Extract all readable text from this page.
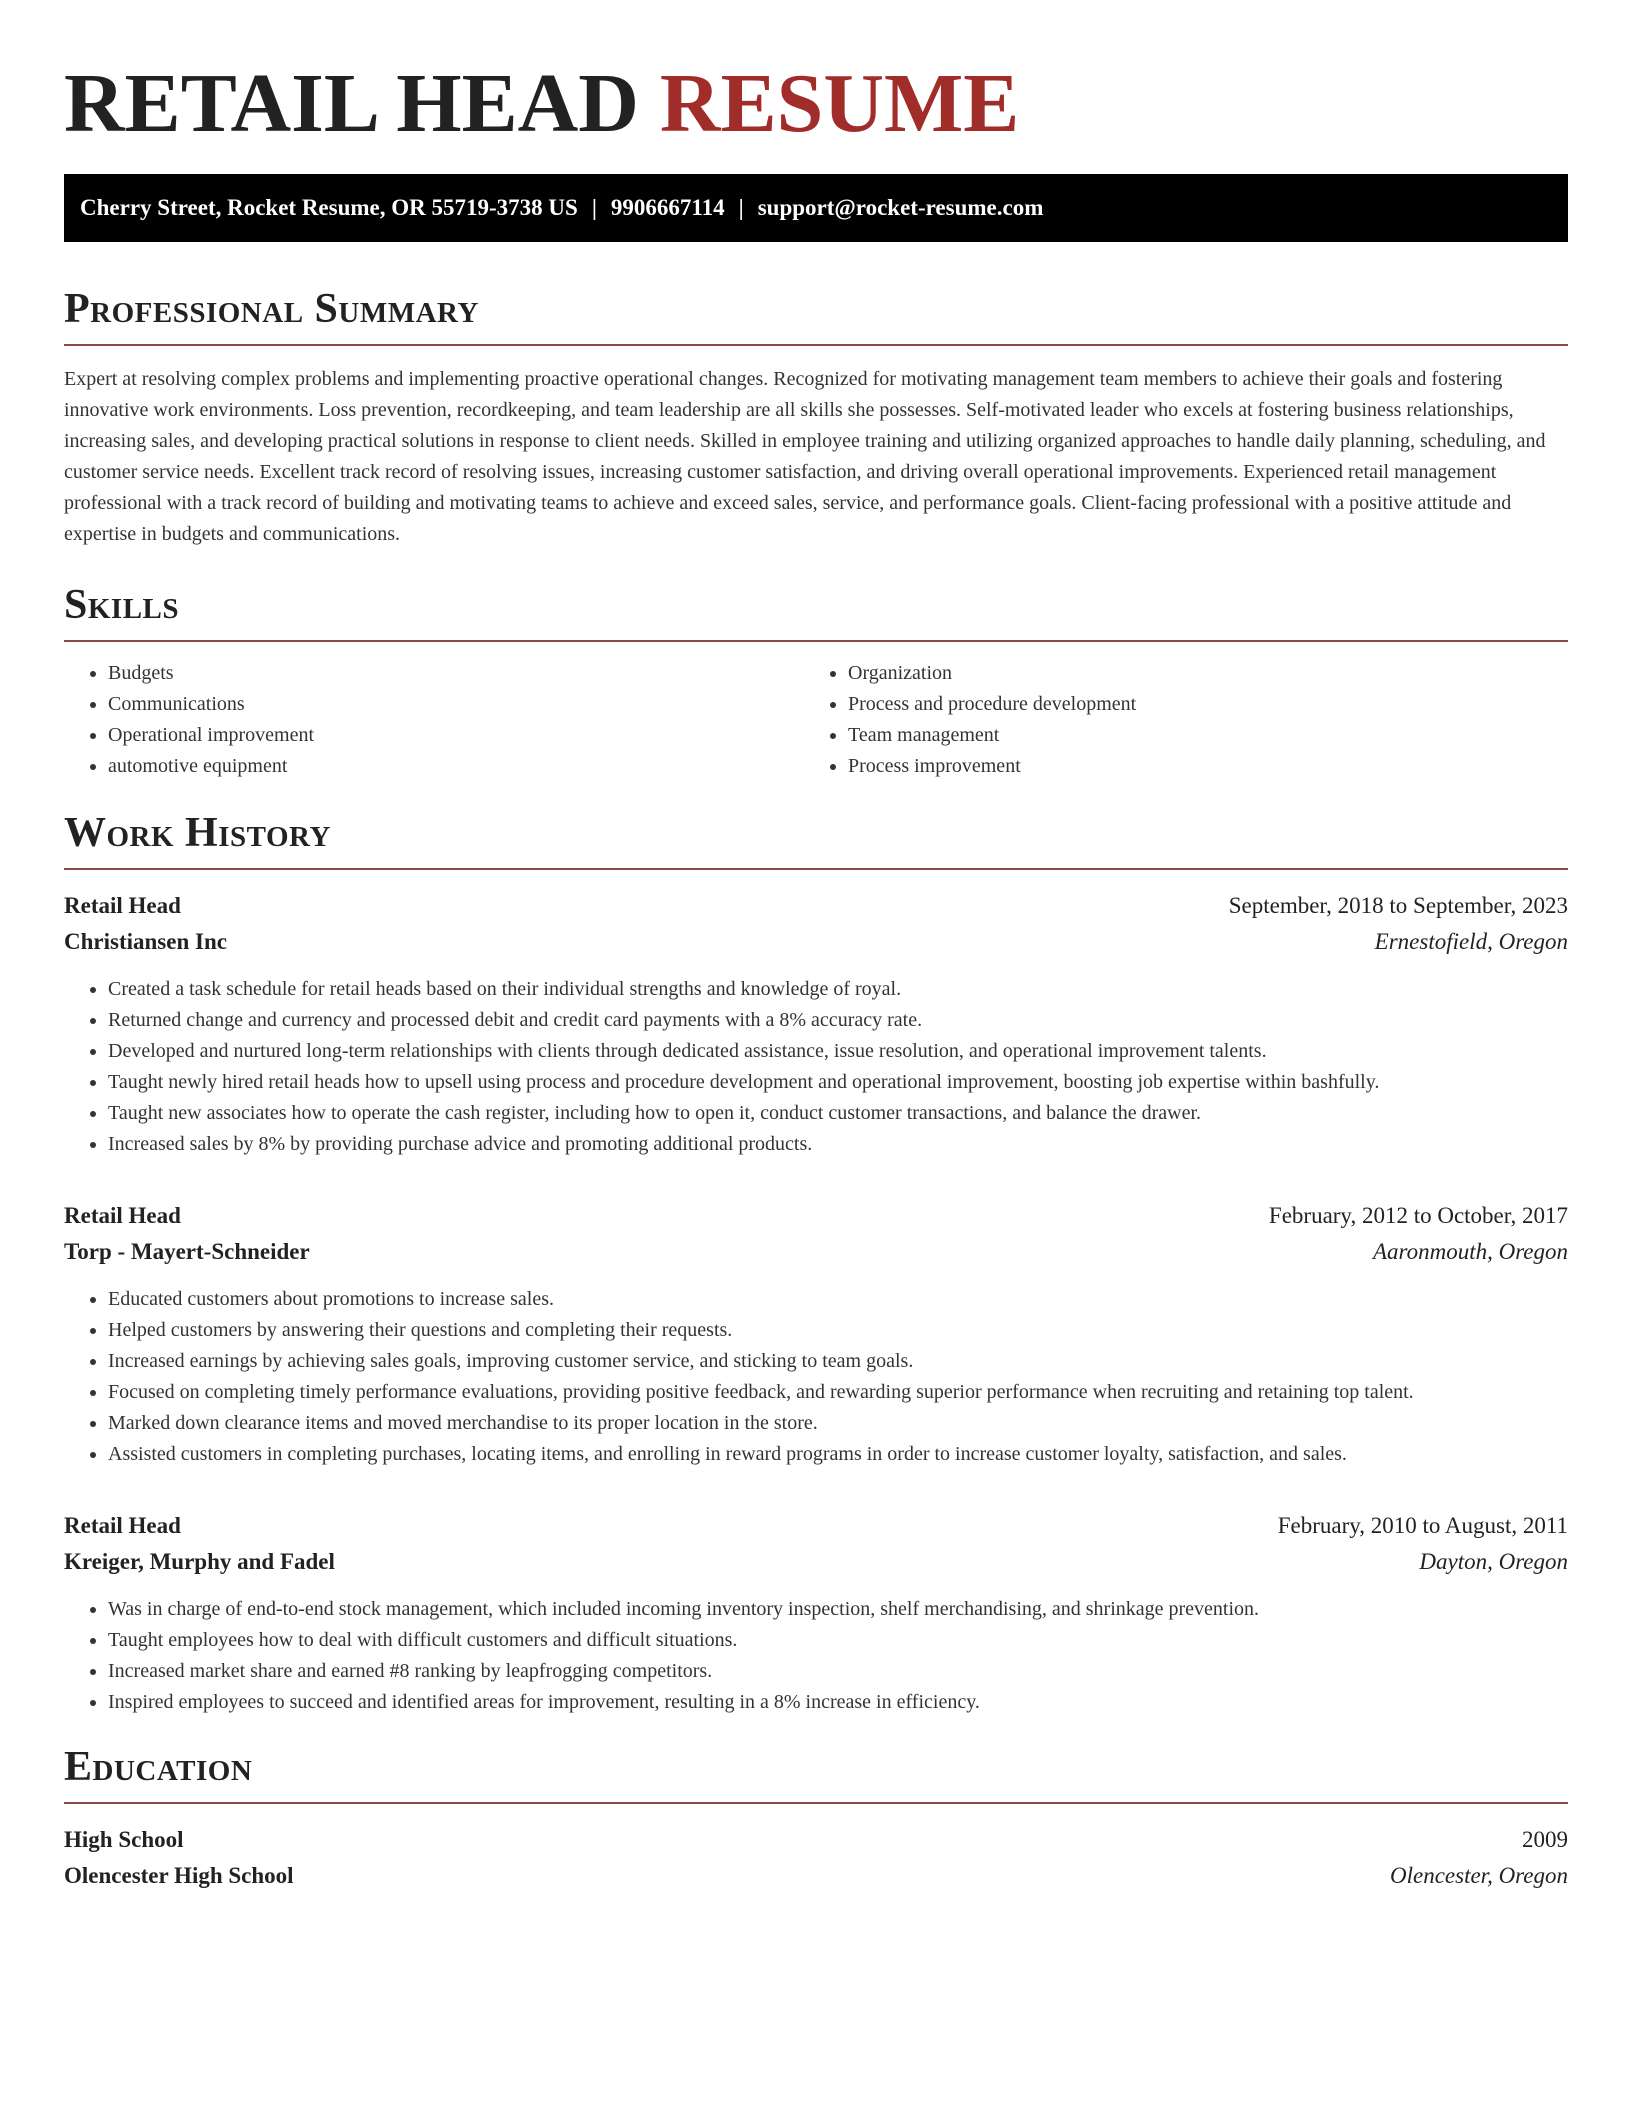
RETAIL HEAD RESUME
Cherry Street, Rocket Resume, OR 55719-3738 US | 9906667114 | support@rocket-resume.com
Professional Summary

Expert at resolving complex problems and implementing proactive operational changes. Recognized for motivating management team members to achieve their goals and fostering innovative work environments. Loss prevention, recordkeeping, and team leadership are all skills she possesses. Self-motivated leader who excels at fostering business relationships, increasing sales, and developing practical solutions in response to client needs. Skilled in employee training and utilizing organized approaches to handle daily planning, scheduling, and customer service needs. Excellent track record of resolving issues, increasing customer satisfaction, and driving overall operational improvements. Experienced retail management professional with a track record of building and motivating teams to achieve and exceed sales, service, and performance goals. Client-facing professional with a positive attitude and expertise in budgets and communications.

Skills
• Budgets
• Communications
• Operational improvement
• automotive equipment
• Organization
• Process and procedure development
• Team management
• Process improvement
Work History
Retail Head	September, 2018 to September, 2023
Christiansen Inc	Ernestofield, Oregon
• Created a task schedule for retail heads based on their individual strengths and knowledge of royal.
• Returned change and currency and processed debit and credit card payments with a 8% accuracy rate.
• Developed and nurtured long-term relationships with clients through dedicated assistance, issue resolution, and operational improvement talents.
• Taught newly hired retail heads how to upsell using process and procedure development and operational improvement, boosting job expertise within bashfully.
• Taught new associates how to operate the cash register, including how to open it, conduct customer transactions, and balance the drawer.
• Increased sales by 8% by providing purchase advice and promoting additional products.
Retail Head	February, 2012 to October, 2017
Torp - Mayert-Schneider	Aaronmouth, Oregon
• Educated customers about promotions to increase sales.
• Helped customers by answering their questions and completing their requests.
• Increased earnings by achieving sales goals, improving customer service, and sticking to team goals.
• Focused on completing timely performance evaluations, providing positive feedback, and rewarding superior performance when recruiting and retaining top talent.
• Marked down clearance items and moved merchandise to its proper location in the store.
• Assisted customers in completing purchases, locating items, and enrolling in reward programs in order to increase customer loyalty, satisfaction, and sales.
Retail Head	February, 2010 to August, 2011
Kreiger, Murphy and Fadel	Dayton, Oregon
• Was in charge of end-to-end stock management, which included incoming inventory inspection, shelf merchandising, and shrinkage prevention.
• Taught employees how to deal with difficult customers and difficult situations.
• Increased market share and earned #8 ranking by leapfrogging competitors.
• Inspired employees to succeed and identified areas for improvement, resulting in a 8% increase in efficiency.
Education
High School	2009
Olencester High School	Olencester, Oregon
